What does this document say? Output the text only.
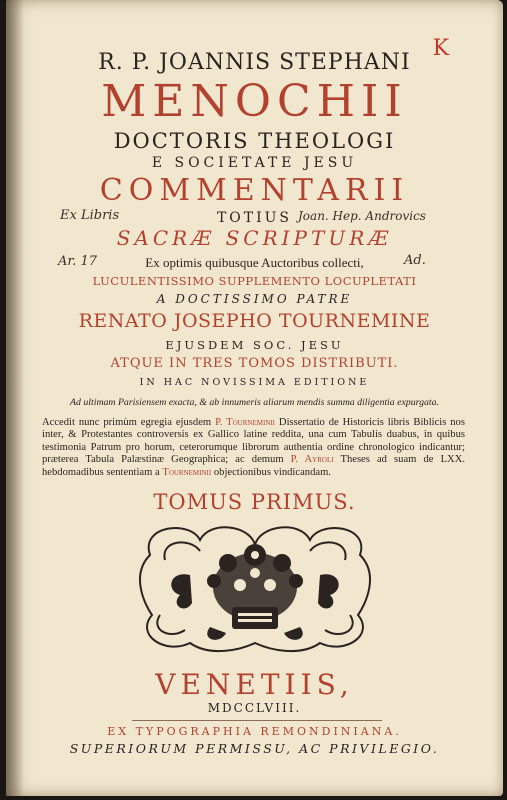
K
R. P. JOANNIS STEPHANI
MENOCHII
DOCTORIS THEOLOGI
E SOCIETATE JESU
COMMENTARII
TOTIUS
Ex Libris	Joan. Hep. Androvics
SACRÆ SCRIPTURÆ
Ar. 17	Ex optimis quibusque Auctoribus collecti,	Ad.
LUCULENTISSIMO SUPPLEMENTO LOCUPLETATI
A DOCTISSIMO PATRE
RENATO JOSEPHO TOURNEMINE
EJUSDEM SOC. JESU
ATQUE IN TRES TOMOS DISTRIBUTI.
IN HAC NOVISSIMA EDITIONE
Ad ultimam Parisiensem exacta, & ab innumeris aliarum mendis summa diligentia expurgata.
Accedit nunc primùm egregia ejusdem P. Tourneminii Dissertatio de Historicis libris Biblicis nos inter, & Protestantes controversis ex Gallico latine reddita, una cum Tabulis duabus, in quibus testimonia Patrum pro horum, ceterorumque librorum authentia ordine chronologico indicantur; præterea Tabula Palæstinæ Geographica; ac demum P. Ayroli Theses ad suam de LXX. hebdomadibus sententiam a Tourneminii objectionibus vindicandam.
TOMUS PRIMUS.
VENETIIS,
MDCCLVIII.
EX TYPOGRAPHIA REMONDINIANA.
SUPERIORUM PERMISSU, AC PRIVILEGIO.
